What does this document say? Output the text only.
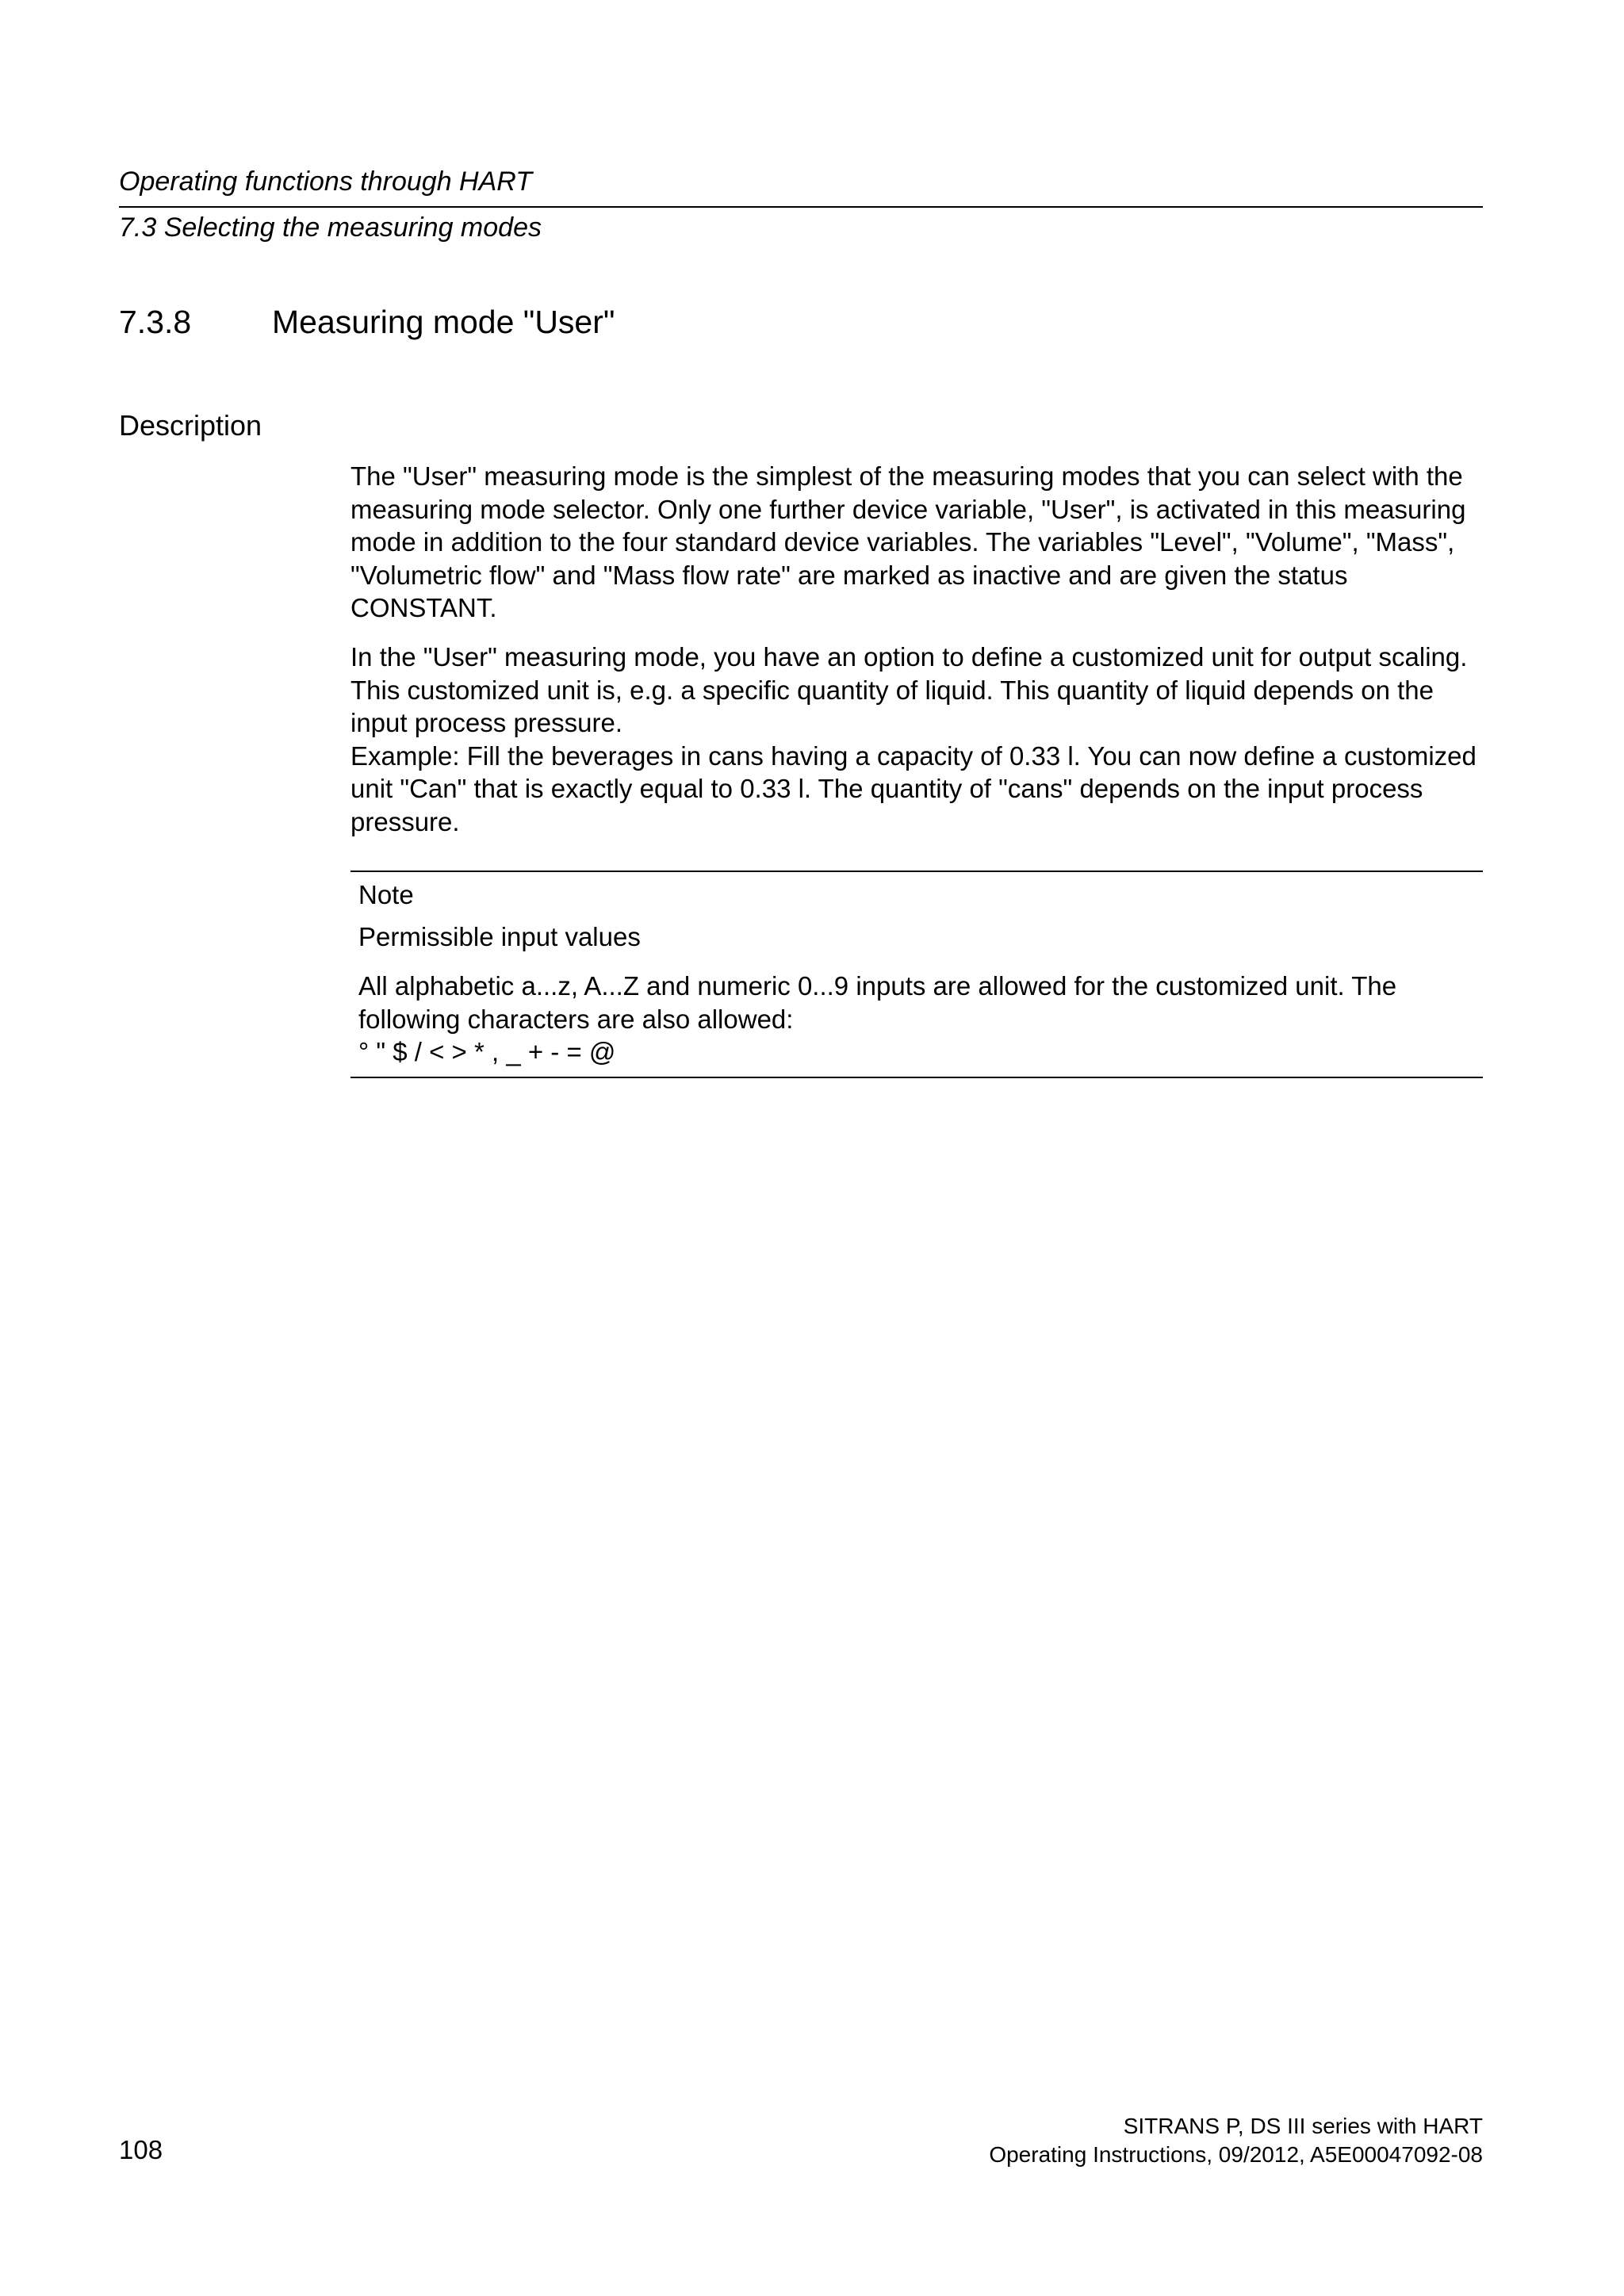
Operating functions through HART
7.3 Selecting the measuring modes
7.3.8 Measuring mode "User"
Description

The "User" measuring mode is the simplest of the measuring modes that you can select with the measuring mode selector. Only one further device variable, "User", is activated in this measuring mode in addition to the four standard device variables. The variables "Level", "Volume", "Mass", "Volumetric flow" and "Mass flow rate" are marked as inactive and are given the status CONSTANT.

In the "User" measuring mode, you have an option to define a customized unit for output scaling. This customized unit is, e.g. a specific quantity of liquid. This quantity of liquid depends on the input process pressure.

Example: Fill the beverages in cans having a capacity of 0.33 l. You can now define a customized unit "Can" that is exactly equal to 0.33 l. The quantity of "cans" depends on the input process pressure.

Note
Permissible input values

All alphabetic a...z, A...Z and numeric 0...9 inputs are allowed for the customized unit. The following characters are also allowed:

° " $ / < > * , _ + - = @

108
SITRANS P, DS III series with HART
Operating Instructions, 09/2012, A5E00047092-08
